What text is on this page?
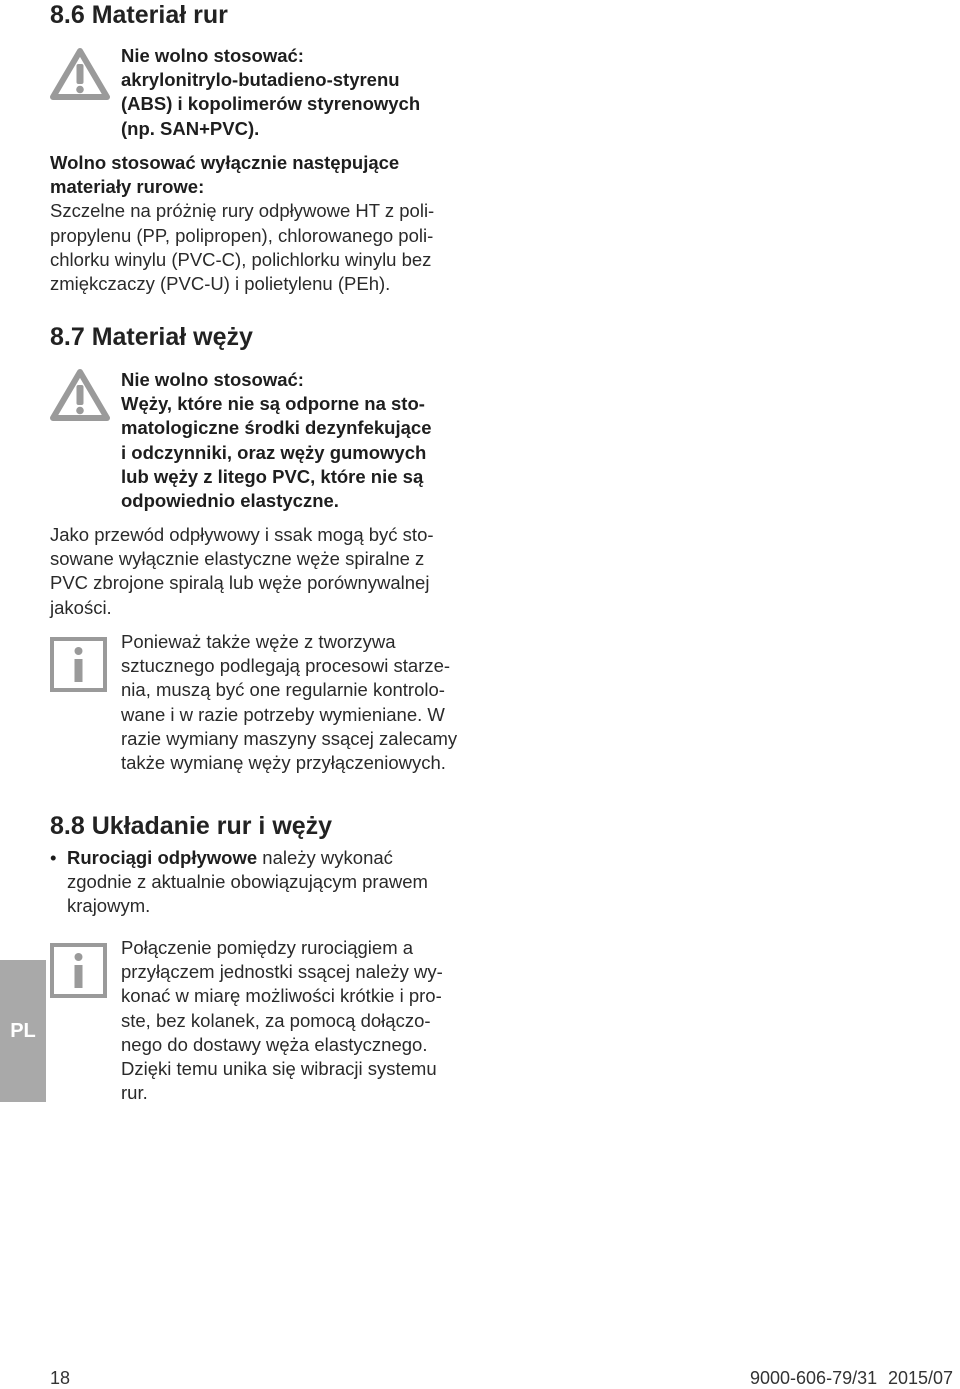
8.6 Materiał rur
Nie wolno stosować:
akrylonitrylo-butadieno-styrenu
(ABS) i kopolimerów styrenowych
(np. SAN+PVC).
Wolno stosować wyłącznie następujące
materiały rurowe:
Szczelne na próżnię rury odpływowe HT z poli-
propylenu (PP, polipropen), chlorowanego poli-
chlorku winylu (PVC-C), polichlorku winylu bez
zmiękczaczy (PVC-U) i polietylenu (PEh).
8.7 Materiał węży
Nie wolno stosować:
Węży, które nie są odporne na sto-
matologiczne środki dezynfekujące
i odczynniki, oraz węży gumowych
lub węży z litego PVC, które nie są
odpowiednio elastyczne.
Jako przewód odpływowy i ssak mogą być sto-
sowane wyłącznie elastyczne węże spiralne z
PVC zbrojone spiralą lub węże porównywalnej
jakości.
Ponieważ także węże z tworzywa
sztucznego podlegają procesowi starze-
nia, muszą być one regularnie kontrolo-
wane i w razie potrzeby wymieniane. W
razie wymiany maszyny ssącej zalecamy
także wymianę węży przyłączeniowych.
8.8 Układanie rur i węży
• Rurociągi odpływowe należy wykonać
zgodnie z aktualnie obowiązującym prawem
krajowym.
Połączenie pomiędzy rurociągiem a
przyłączem jednostki ssącej należy wy-
konać w miarę możliwości krótkie i pro-
ste, bez kolanek, za pomocą dołączo-
nego do dostawy węża elastycznego.
Dzięki temu unika się wibracji systemu
rur.
PL
18	9000-606-79/31 2015/07
